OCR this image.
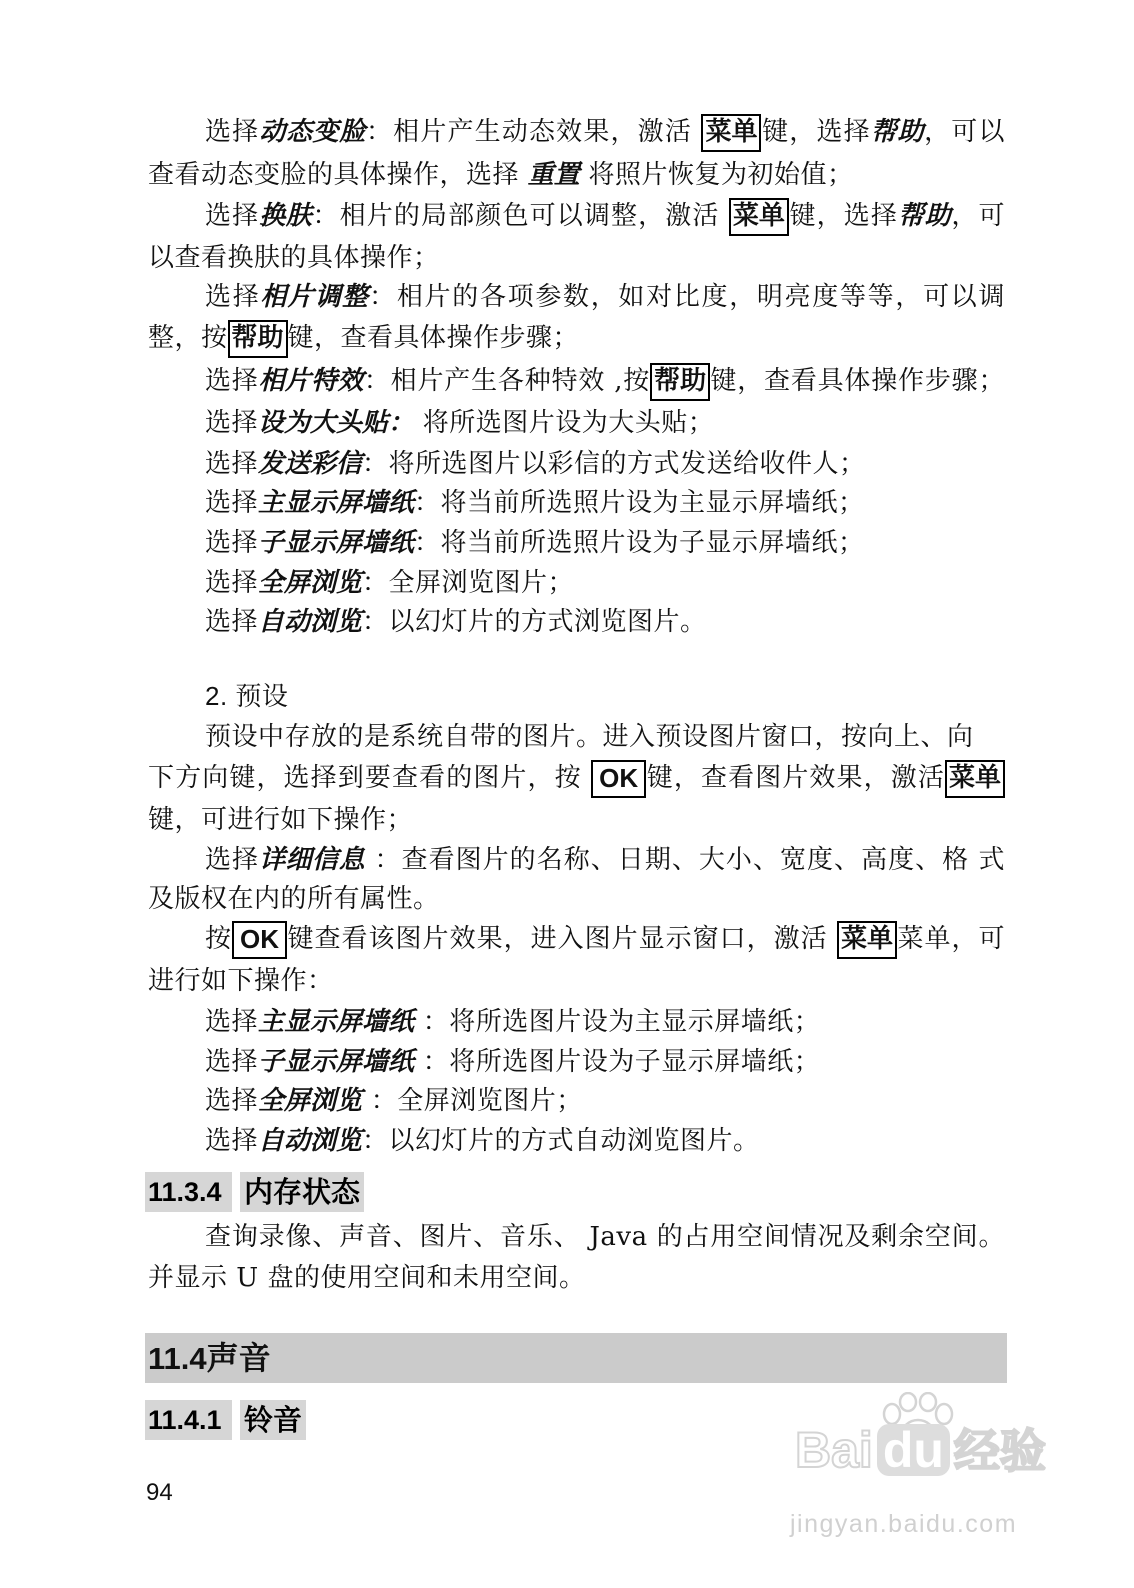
选择动态变脸：相片产生动态效果，激活 菜单 键，选择帮助，可以
查看动态变脸的具体操作，选择 重置 将照片恢复为初始值；
选择换肤：相片的局部颜色可以调整，激活 菜单 键，选择帮助，可
以查看换肤的具体操作；
选择相片调整：相片的各项参数，如对比度，明亮度等等，可以调
整，按 帮助 键，查看具体操作步骤；
选择相片特效：相片产生各种特效 ,按 帮助 键，查看具体操作步骤；
选择设为大头贴： 将所选图片设为大头贴；
选择发送彩信：将所选图片以彩信的方式发送给收件人；
选择主显示屏墙纸：将当前所选照片设为主显示屏墙纸；
选择子显示屏墙纸：将当前所选照片设为子显示屏墙纸；
选择全屏浏览：全屏浏览图片；
选择自动浏览：以幻灯片的方式浏览图片。
2. 预设
预设中存放的是系统自带的图片。进入预设图片窗口，按向上、向
下方向键，选择到要查看的图片，按 OK 键，查看图片效果，激活 菜单
键，可进行如下操作；
选择详细信息 ：查看图片的名称、日期、大小、宽度、高度、格 式
及版权在内的所有属性。
按 OK 键查看该图片效果，进入图片显示窗口，激活 菜单 菜单，可
进行如下操作：
选择主显示屏墙纸 ：将所选图片设为主显示屏墙纸；
选择子显示屏墙纸 ：将所选图片设为子显示屏墙纸；
选择全屏浏览 ：全屏浏览图片；
选择自动浏览：以幻灯片的方式自动浏览图片。
11.3.4 内存状态
查询录像、声音、图片、音乐、 Java 的占用空间情况及剩余空间。
并显示 U 盘的使用空间和未用空间。
11.4声音
11.4.1 铃音
94
Bai du 经验
jingyan.baidu.com
